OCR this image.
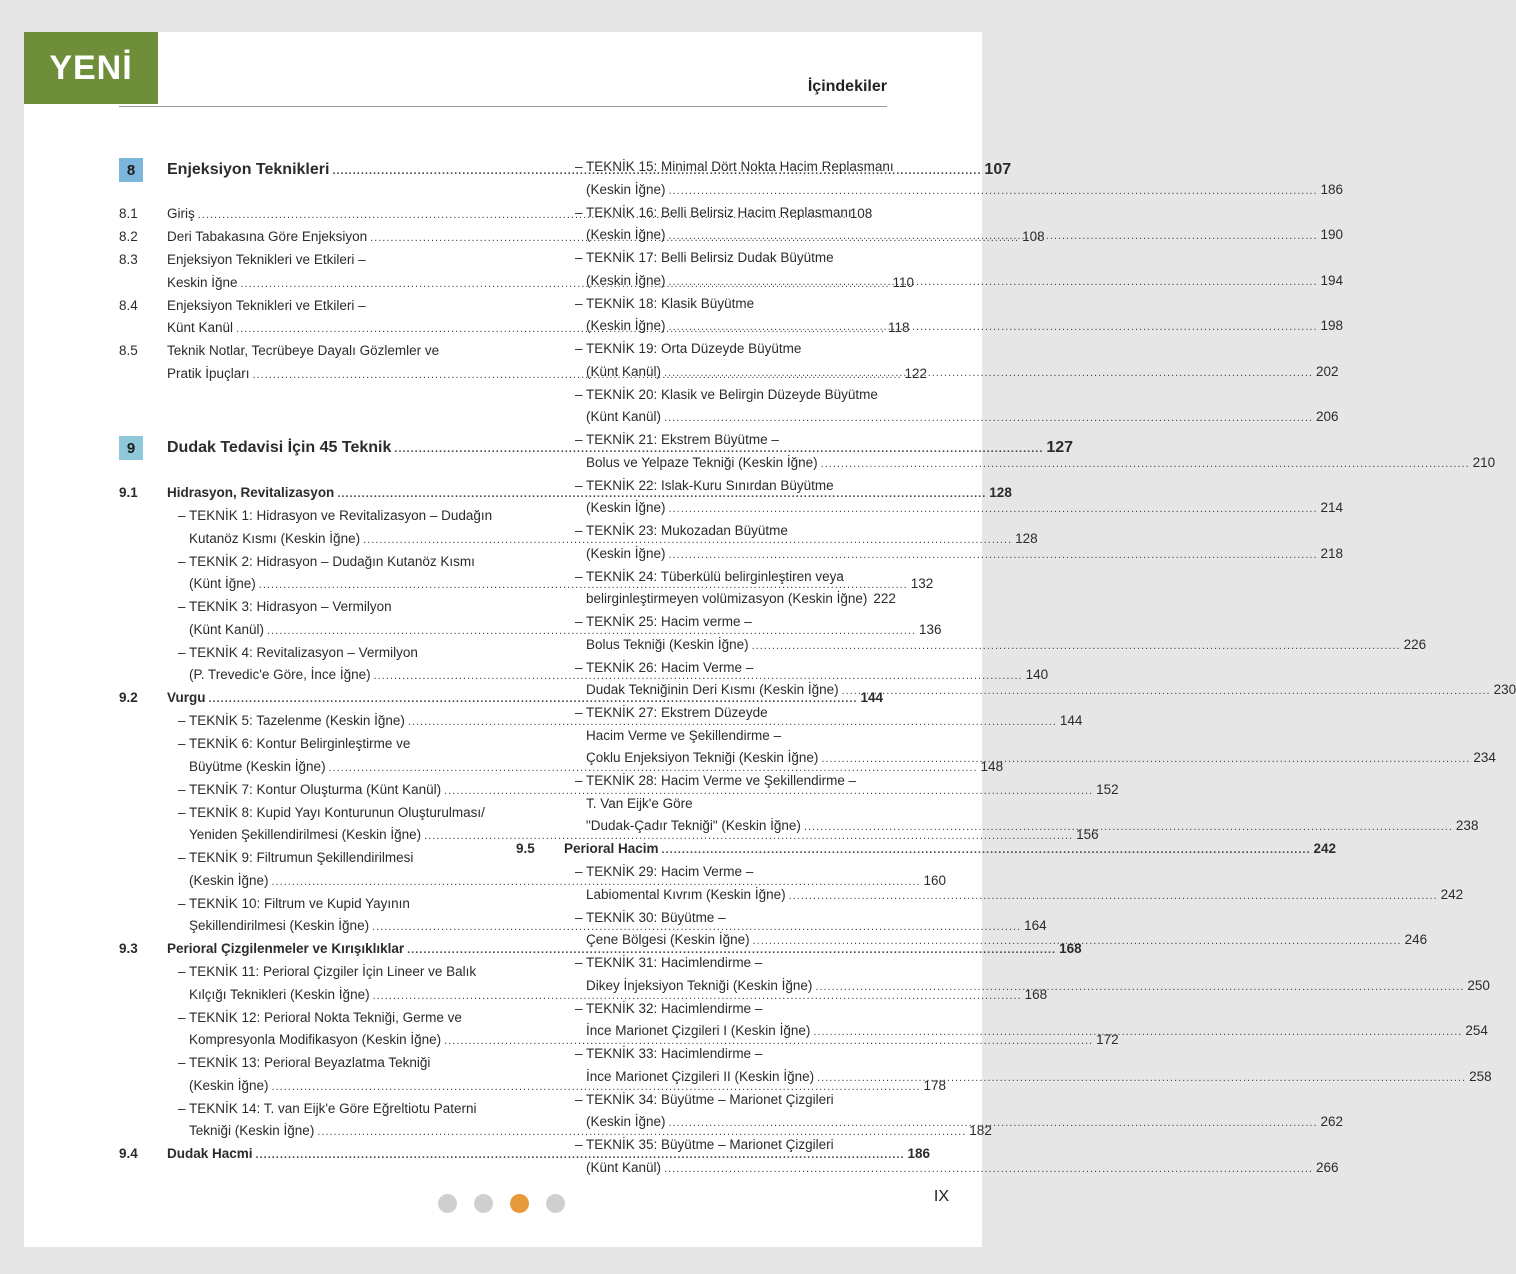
YENİ	İçindekiler
8	Enjeksiyon Teknikleri .....	107
8.1 Giriş .....	108
8.2 Deri Tabakasına Göre Enjeksiyon .....	108
8.3 Enjeksiyon Teknikleri ve Etkileri –
Keskin İğne .....	110
8.4 Enjeksiyon Teknikleri ve Etkileri –
Künt Kanül .....	118
8.5 Teknik Notlar, Tecrübeye Dayalı Gözlemler ve
Pratik İpuçları .....	122
9	Dudak Tedavisi İçin 45 Teknik .....	127
9.1 Hidrasyon, Revitalizasyon .....	128
– TEKNİK 1: Hidrasyon ve Revitalizasyon – Dudağın
Kutanöz Kısmı (Keskin İğne) .....	128
– TEKNİK 2: Hidrasyon – Dudağın Kutanöz Kısmı
(Künt İğne) .....	132
– TEKNİK 3: Hidrasyon – Vermilyon
(Künt Kanül) .....	136
– TEKNİK 4: Revitalizasyon – Vermilyon
(P. Trevedic'e Göre, İnce İğne) .....	140
9.2 Vurgu .....	144
– TEKNİK 5: Tazelenme (Keskin İğne) .....	144
– TEKNİK 6: Kontur Belirginleştirme ve
Büyütme (Keskin İğne) .....	148
– TEKNİK 7: Kontur Oluşturma (Künt Kanül) .....	152
– TEKNİK 8: Kupid Yayı Konturunun Oluşturulması/
Yeniden Şekillendirilmesi (Keskin İğne) .....	156
– TEKNİK 9: Filtrumun Şekillendirilmesi
(Keskin İğne) .....	160
– TEKNİK 10: Filtrum ve Kupid Yayının
Şekillendirilmesi (Keskin İğne) .....	164
9.3 Perioral Çizgilenmeler ve Kırışıklıklar .....	168
– TEKNİK 11: Perioral Çizgiler İçin Lineer ve Balık
Kılçığı Teknikleri (Keskin İğne) .....	168
– TEKNİK 12: Perioral Nokta Tekniği, Germe ve
Kompresyonla Modifikasyon (Keskin İğne) .....	172
– TEKNİK 13: Perioral Beyazlatma Tekniği
(Keskin İğne) .....	178
– TEKNİK 14: T. van Eijk'e Göre Eğreltiotu Paterni
Tekniği (Keskin İğne) .....	182
9.4 Dudak Hacmi .....	186
– TEKNİK 15: Minimal Dört Nokta Hacim Replasmanı
(Keskin İğne) .....	186
– TEKNİK 16: Belli Belirsiz Hacim Replasmanı
(Keskin İğne) .....	190
– TEKNİK 17: Belli Belirsiz Dudak Büyütme
(Keskin İğne) .....	194
– TEKNİK 18: Klasik Büyütme
(Keskin İğne) .....	198
– TEKNİK 19: Orta Düzeyde Büyütme
(Künt Kanül) .....	202
– TEKNİK 20: Klasik ve Belirgin Düzeyde Büyütme
(Künt Kanül) .....	206
– TEKNİK 21: Ekstrem Büyütme –
Bolus ve Yelpaze Tekniği (Keskin İğne) .....	210
– TEKNİK 22: Islak-Kuru Sınırdan Büyütme
(Keskin İğne) .....	214
– TEKNİK 23: Mukozadan Büyütme
(Keskin İğne) .....	218
– TEKNİK 24: Tüberkülü belirginleştiren veya
belirginleştirmeyen volümizasyon (Keskin İğne) 222
– TEKNİK 25: Hacim verme –
Bolus Tekniği (Keskin İğne) .....	226
– TEKNİK 26: Hacim Verme –
Dudak Tekniğinin Deri Kısmı (Keskin İğne) .....	230
– TEKNİK 27: Ekstrem Düzeyde
Hacim Verme ve Şekillendirme –
Çoklu Enjeksiyon Tekniği (Keskin İğne) .....	234
– TEKNİK 28: Hacim Verme ve Şekillendirme –
T. Van Eijk'e Göre
"Dudak-Çadır Tekniği" (Keskin İğne) .....	238
9.5 Perioral Hacim .....	242
– TEKNİK 29: Hacim Verme –
Labiomental Kıvrım (Keskin İğne) .....	242
– TEKNİK 30: Büyütme –
Çene Bölgesi (Keskin İğne) .....	246
– TEKNİK 31: Hacimlendirme –
Dikey İnjeksiyon Tekniği (Keskin İğne) .....	250
– TEKNİK 32: Hacimlendirme –
İnce Marionet Çizgileri I (Keskin İğne) .....	254
– TEKNİK 33: Hacimlendirme –
İnce Marionet Çizgileri II (Keskin İğne) .....	258
– TEKNİK 34: Büyütme – Marionet Çizgileri
(Keskin İğne) .....	262
– TEKNİK 35: Büyütme – Marionet Çizgileri
(Künt Kanül) .....	266
IX
